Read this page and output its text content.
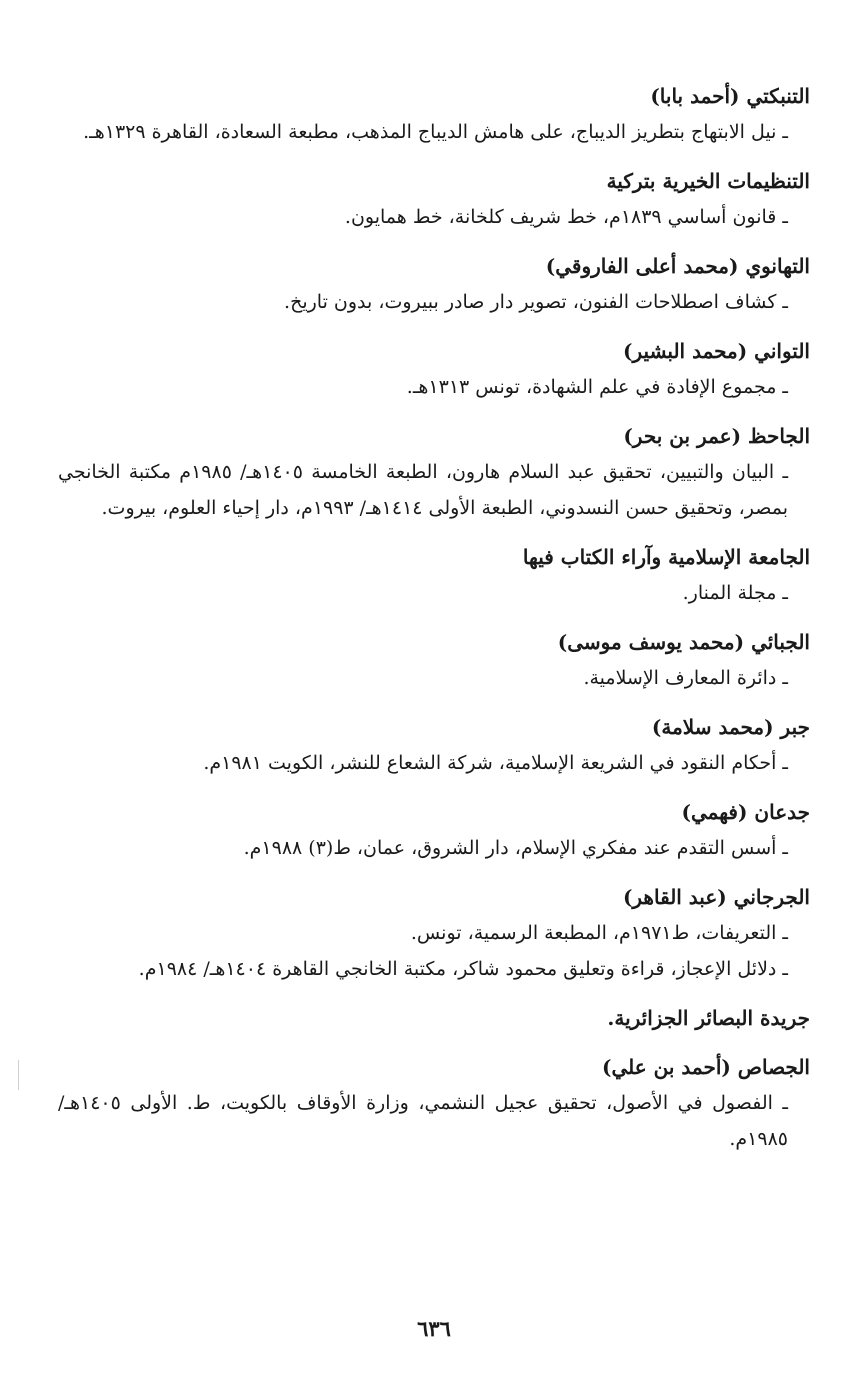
التنبكتي (أحمد بابا)

ـ نيل الابتهاج بتطريز الديباج، على هامش الديباج المذهب، مطبعة السعادة، القاهرة ١٣٢٩هـ.

التنظيمات الخيرية بتركية

ـ قانون أساسي ١٨٣٩م، خط شريف كلخانة، خط همايون.

التهانوي (محمد أعلى الفاروقي)

ـ كشاف اصطلاحات الفنون، تصوير دار صادر ببيروت، بدون تاريخ.

التواني (محمد البشير)

ـ مجموع الإفادة في علم الشهادة، تونس ١٣١٣هـ.

الجاحظ (عمر بن بحر)

ـ البيان والتبيين، تحقيق عبد السلام هارون، الطبعة الخامسة ١٤٠٥هـ/ ١٩٨٥م مكتبة الخانجي بمصر، وتحقيق حسن النسدوني، الطبعة الأولى ١٤١٤هـ/ ١٩٩٣م، دار إحياء العلوم، بيروت.

الجامعة الإسلامية وآراء الكتاب فيها

ـ مجلة المنار.

الجبائي (محمد يوسف موسى)

ـ دائرة المعارف الإسلامية.

جبر (محمد سلامة)

ـ أحكام النقود في الشريعة الإسلامية، شركة الشعاع للنشر، الكويت ١٩٨١م.

جدعان (فهمي)

ـ أسس التقدم عند مفكري الإسلام، دار الشروق، عمان، ط(٣) ١٩٨٨م.

الجرجاني (عبد القاهر)

ـ التعريفات، ط١٩٧١م، المطبعة الرسمية، تونس.

ـ دلائل الإعجاز، قراءة وتعليق محمود شاكر، مكتبة الخانجي القاهرة ١٤٠٤هـ/ ١٩٨٤م.

جريدة البصائر الجزائرية.

الجصاص (أحمد بن علي)

ـ الفصول في الأصول، تحقيق عجيل النشمي، وزارة الأوقاف بالكويت، ط. الأولى ١٤٠٥هـ/ ١٩٨٥م.

٦٣٦
